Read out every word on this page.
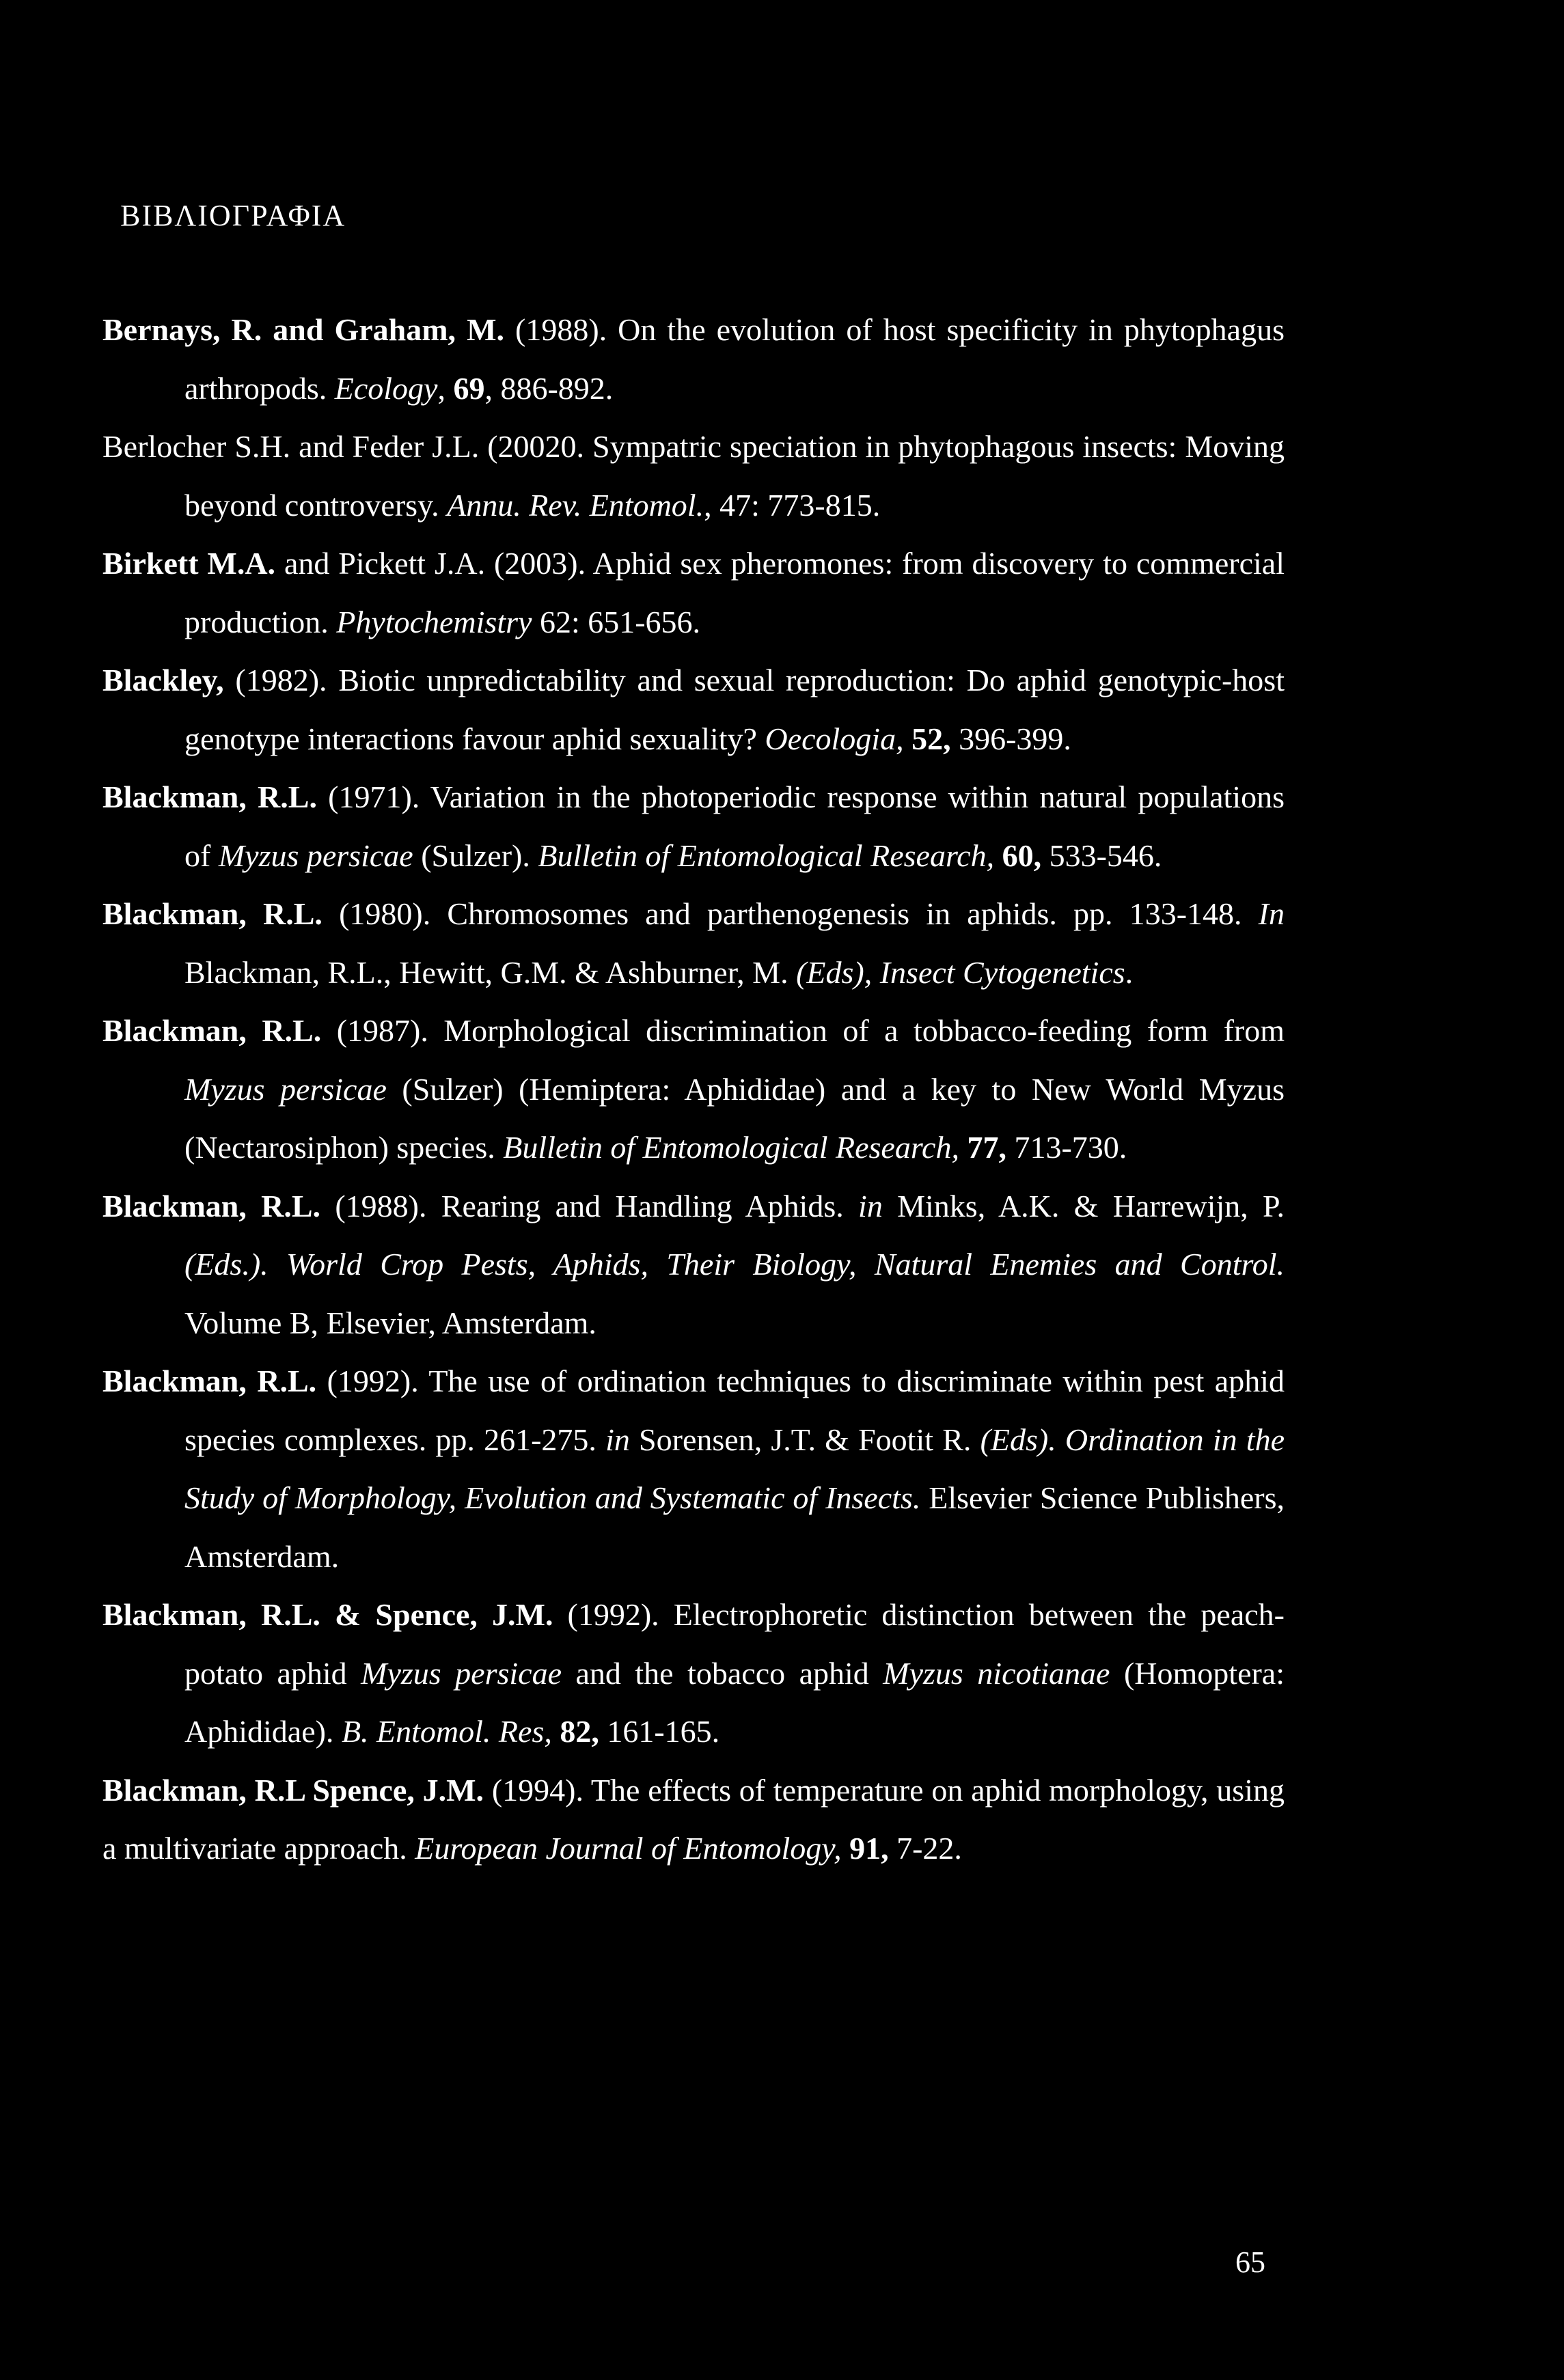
ΒΙΒΛΙΟΓΡΑΦΙΑ
Bernays, R. and Graham, M. (1988). On the evolution of host specificity in phytophagus arthropods. Ecology, 69, 886-892.
Berlocher S.H. and Feder J.L. (20020. Sympatric speciation in phytophagous insects: Moving beyond controversy. Annu. Rev. Entomol., 47: 773-815.
Birkett M.A. and Pickett J.A. (2003). Aphid sex pheromones: from discovery to commercial production. Phytochemistry 62: 651-656.
Blackley, (1982). Biotic unpredictability and sexual reproduction: Do aphid genotypic-host genotype interactions favour aphid sexuality? Oecologia, 52, 396-399.
Blackman, R.L. (1971). Variation in the photoperiodic response within natural populations of Myzus persicae (Sulzer). Bulletin of Entomological Research, 60, 533-546.
Blackman, R.L. (1980). Chromosomes and parthenogenesis in aphids. pp. 133-148. In Blackman, R.L., Hewitt, G.M. & Ashburner, M. (Eds), Insect Cytogenetics.
Blackman, R.L. (1987). Morphological discrimination of a tobbacco-feeding form from Myzus persicae (Sulzer) (Hemiptera: Aphididae) and a key to New World Myzus (Nectarosiphon) species. Bulletin of Entomological Research, 77, 713-730.
Blackman, R.L. (1988). Rearing and Handling Aphids. in Minks, A.K. & Harrewijn, P. (Eds.). World Crop Pests, Aphids, Their Biology, Natural Enemies and Control. Volume B, Elsevier, Amsterdam.
Blackman, R.L. (1992). The use of ordination techniques to discriminate within pest aphid species complexes. pp. 261-275. in Sorensen, J.T. & Footit R. (Eds). Ordination in the Study of Morphology, Evolution and Systematic of Insects. Elsevier Science Publishers, Amsterdam.
Blackman, R.L. & Spence, J.M. (1992). Electrophoretic distinction between the peach-potato aphid Myzus persicae and the tobacco aphid Myzus nicotianae (Homoptera: Aphididae). B. Entomol. Res, 82, 161-165.
Blackman, R.L Spence, J.M. (1994). The effects of temperature on aphid morphology, using a multivariate approach. European Journal of Entomology, 91, 7-22.
65
